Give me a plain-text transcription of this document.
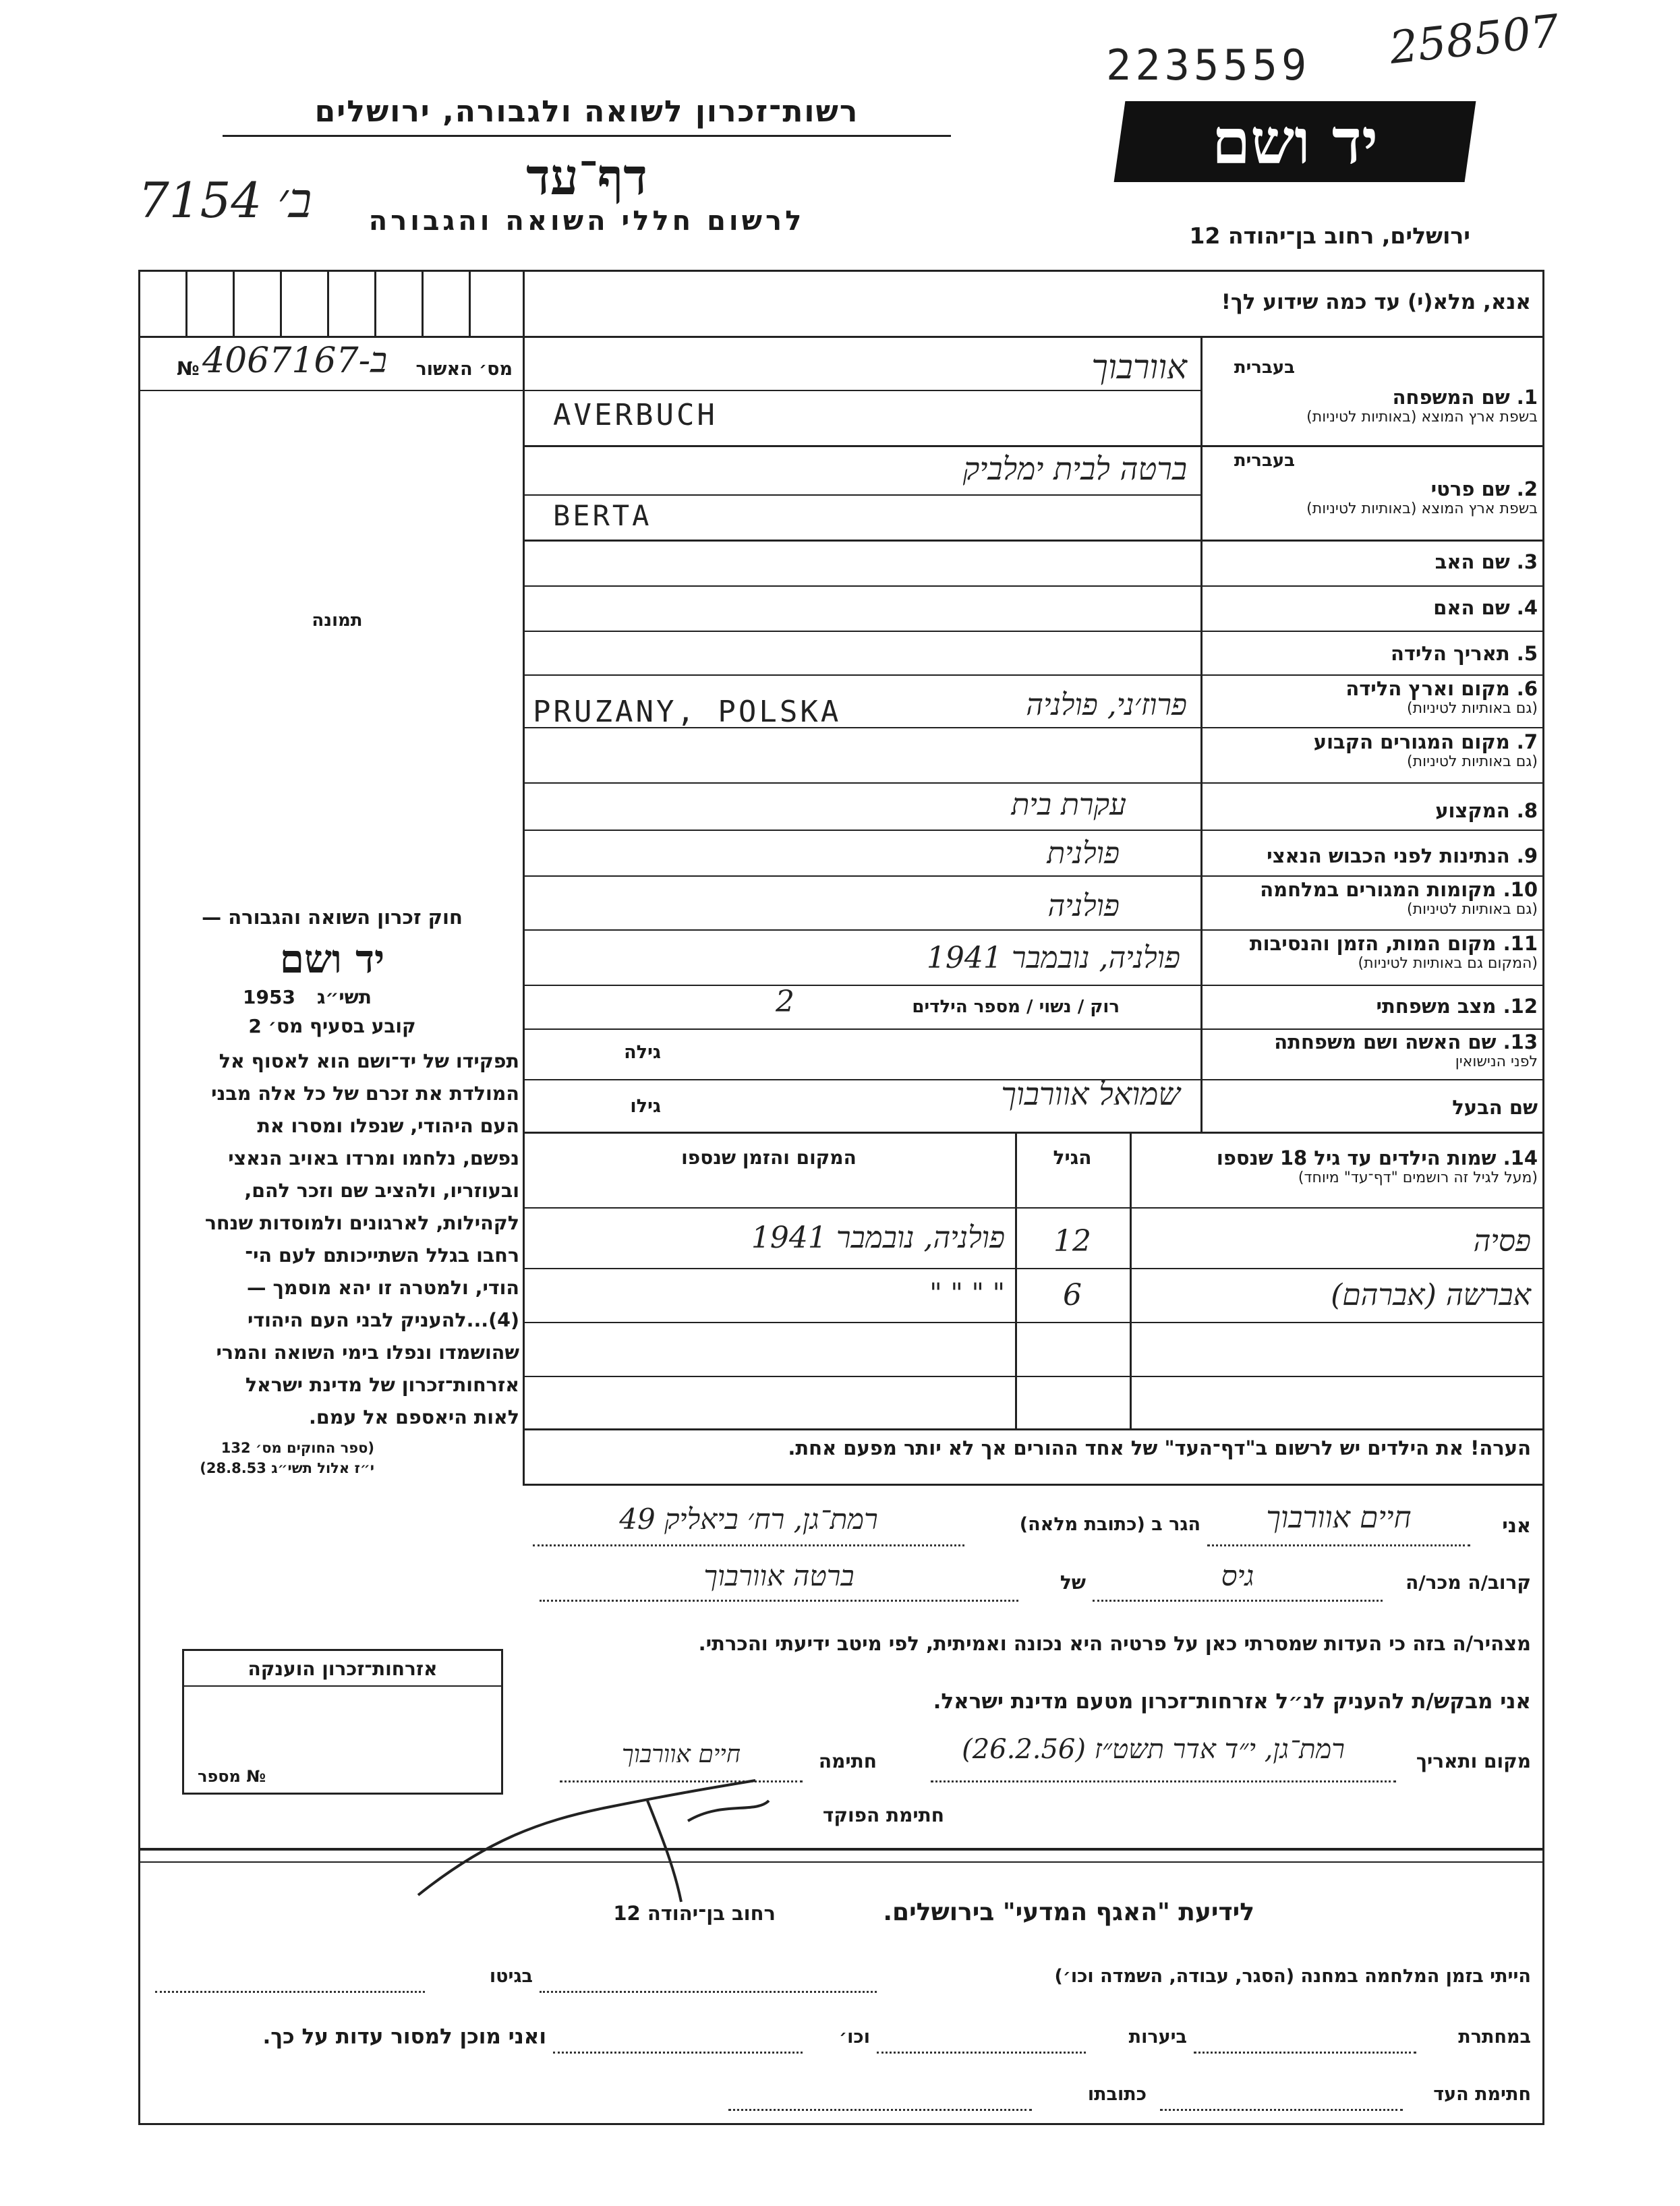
2235559 258507
רשות־זכרון לשואה ולגבורה, ירושלים
דף־עד
לרשום חללי השואה והגבורה
7154 ב׳
יד ושם
ירושלים, רחוב בן־יהודה 12
№ 4067167-ב	מס׳ האשור
תמונה
חוק זכרון השואה והגבורה —
יד ושם
1953 תשי״ג
קובע בסעיף מס׳ 2
תפקידו של יד־ושם הוא לאסוף אל
המולדת את זכרם של כל אלה מבני
העם היהודי, שנפלו ומסרו את
נפשם, נלחמו ומרדו באויב הנאצי
ובעוזריו, ולהציב שם וזכר להם,
לקהילות, לארגונים ולמוסדות שנחר
רחבו בגלל השתייכותם לעם הי־
הודי, ולמטרה זו יהא מוסמך —
(4)...להעניק לבני העם היהודי
שהושמדו ונפלו בימי השואה והמרי
אזרחות־זכרון של מדינת ישראל
לאות היאספם אל עמם.
(ספר החוקים מס׳ 132
י״ז אלול תשי״ג 28.8.53)
אנא, מלא(י) עד כמה שידוע לך!
בעברית
1. שם המשפחה
בשפת ארץ המוצא (באותיות לטיניות)
אוורבוך
AVERBUCH
בעברית
2. שם פרטי
בשפת ארץ המוצא (באותיות לטיניות)
ברטה לבית ימלביק
BERTA
3. שם האב
4. שם האם
5. תאריך הלידה
6. מקום וארץ הלידה
(גם באותיות לטיניות)
פרוז׳ני, פולניה
PRUZANY, POLSKA
7. מקום המגורים הקבוע
(גם באותיות לטיניות)
8. המקצוע
עקרת בית
9. הנתינות לפני הכבוש הנאצי
פולנית
10. מקומות המגורים במלחמה
(גם באותיות לטיניות)
פולניה
11. מקום המות, הזמן והנסיבות
(המקום גם באותיות לטיניות)
פולניה, נובמבר 1941
12. מצב משפחתי
רוק / נשוי / מספר הילדים
2
13. שם האשה ושם משפחתה
לפני הנישואין
גילה
שם הבעל
שמואל אוורבוך
גילו
14. שמות הילדים עד גיל 18 שנספו
(מעל לגיל זה רושמים "דף־עד" מיוחד)
הגיל
המקום והזמן שנספו
פסיה
12
פולניה, נובמבר 1941
אברשה (אברהם)
6
" " " "
הערה! את הילדים יש לרשום ב"דף־העד" של אחד ההורים אך לא יותר מפעם אחת.
אני
חיים אוורבוך
הגר ב (כתובת מלאה)
רמת־גן, רח׳ ביאליק 49
קרוב/ה מכר/ה
גיס
של
ברטה אוורבוך
מצהיר/ה בזה כי העדות שמסרתי כאן על פרטיה היא נכונה ואמיתית, לפי מיטב ידיעתי והכרתי.
אני מבקש/ת להעניק לנ״ל אזרחות־זכרון מטעם מדינת ישראל.
מקום ותאריך
רמת־גן, י״ד אדר תשט״ז (26.2.56)
חתימה
חיים אוורבוך
חתימת הפוקד
אזרחות־זכרון הוענקה
№ מספר
לידיעת "האגף המדעי" בירושלים.
רחוב בן־יהודה 12
הייתי בזמן המלחמה במחנה (הסגר, עבודה, השמדה וכו׳)
בגיטו
במחתרת
ביערות
וכו׳
ואני מוכן למסור עדות על כך.
חתימת העד
כתובתו
